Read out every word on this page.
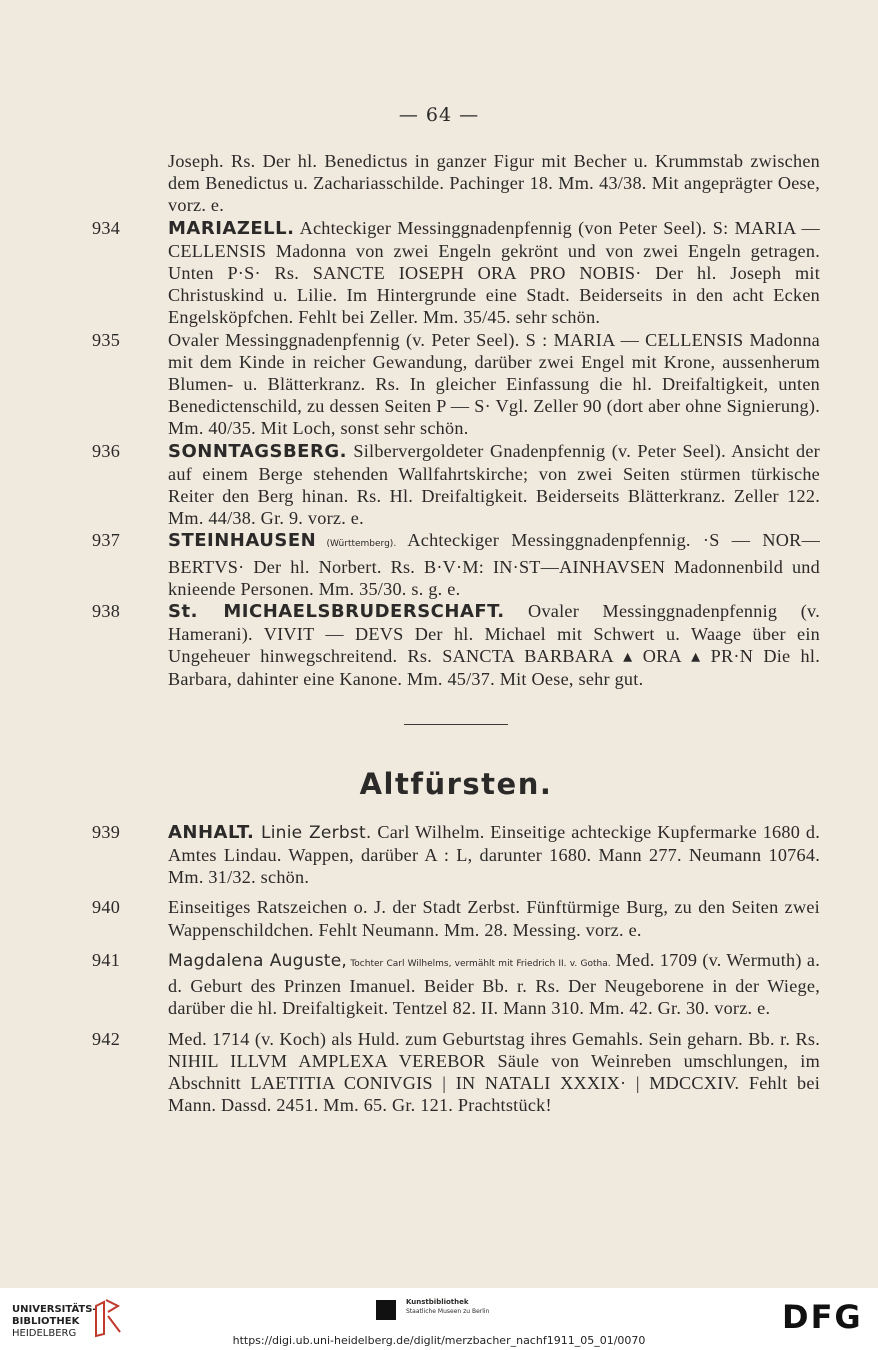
— 64 —
Joseph. Rs. Der hl. Benedictus in ganzer Figur mit Becher u. Krummstab zwischen dem Benedictus u. Zachariasschilde. Pachinger 18. Mm. 43/38. Mit angeprägter Oese, vorz. e.
934	MARIAZELL. Achteckiger Messinggnadenpfennig (von Peter Seel). S: MARIA — CELLENSIS Madonna von zwei Engeln gekrönt und von zwei Engeln getragen. Unten P·S· Rs. SANCTE IOSEPH ORA PRO NOBIS· Der hl. Joseph mit Christuskind u. Lilie. Im Hintergrunde eine Stadt. Beiderseits in den acht Ecken Engelsköpfchen. Fehlt bei Zeller. Mm. 35/45. sehr schön.
935	Ovaler Messinggnadenpfennig (v. Peter Seel). S : MARIA — CELLENSIS Madonna mit dem Kinde in reicher Gewandung, darüber zwei Engel mit Krone, aussenherum Blumen- u. Blätterkranz. Rs. In gleicher Einfassung die hl. Dreifaltigkeit, unten Benedictenschild, zu dessen Seiten P — S· Vgl. Zeller 90 (dort aber ohne Signierung). Mm. 40/35. Mit Loch, sonst sehr schön.
936	SONNTAGSBERG. Silbervergoldeter Gnadenpfennig (v. Peter Seel). Ansicht der auf einem Berge stehenden Wallfahrtskirche; von zwei Seiten stürmen türkische Reiter den Berg hinan. Rs. Hl. Dreifaltigkeit. Beiderseits Blätterkranz. Zeller 122. Mm. 44/38. Gr. 9. vorz. e.
937	STEINHAUSEN (Württemberg). Achteckiger Messinggnadenpfennig. ·S — NOR—BERTVS· Der hl. Norbert. Rs. B·V·M: IN·ST—AINHAVSEN Madonnenbild und knieende Personen. Mm. 35/30. s. g. e.
938	St. MICHAELSBRUDERSCHAFT. Ovaler Messinggnadenpfennig (v. Hamerani). VIVIT — DEVS Der hl. Michael mit Schwert u. Waage über ein Ungeheuer hinwegschreitend. Rs. SANCTA BARBARA ▴ ORA ▴ PR·N Die hl. Barbara, dahinter eine Kanone. Mm. 45/37. Mit Oese, sehr gut.
Altfürsten.
939	ANHALT. Linie Zerbst. Carl Wilhelm. Einseitige achteckige Kupfermarke 1680 d. Amtes Lindau. Wappen, darüber A : L, darunter 1680. Mann 277. Neumann 10764. Mm. 31/32. schön.
940	Einseitiges Ratszeichen o. J. der Stadt Zerbst. Fünftürmige Burg, zu den Seiten zwei Wappenschildchen. Fehlt Neumann. Mm. 28. Messing. vorz. e.
941	Magdalena Auguste, Tochter Carl Wilhelms, vermählt mit Friedrich II. v. Gotha. Med. 1709 (v. Wermuth) a. d. Geburt des Prinzen Imanuel. Beider Bb. r. Rs. Der Neugeborene in der Wiege, darüber die hl. Dreifaltigkeit. Tentzel 82. II. Mann 310. Mm. 42. Gr. 30. vorz. e.
942	Med. 1714 (v. Koch) als Huld. zum Geburtstag ihres Gemahls. Sein geharn. Bb. r. Rs. NIHIL ILLVM AMPLEXA VEREBOR Säule von Weinreben umschlungen, im Abschnitt LAETITIA CONIVGIS | IN NATALI XXXIX· | MDCCXIV. Fehlt bei Mann. Dassd. 2451. Mm. 65. Gr. 121. Prachtstück!
UNIVERSITÄTS-
BIBLIOTHEK
HEIDELBERG
Kunstbibliothek
Staatliche Museen zu Berlin	DFG
https://digi.ub.uni-heidelberg.de/diglit/merzbacher_nachf1911_05_01/0070
